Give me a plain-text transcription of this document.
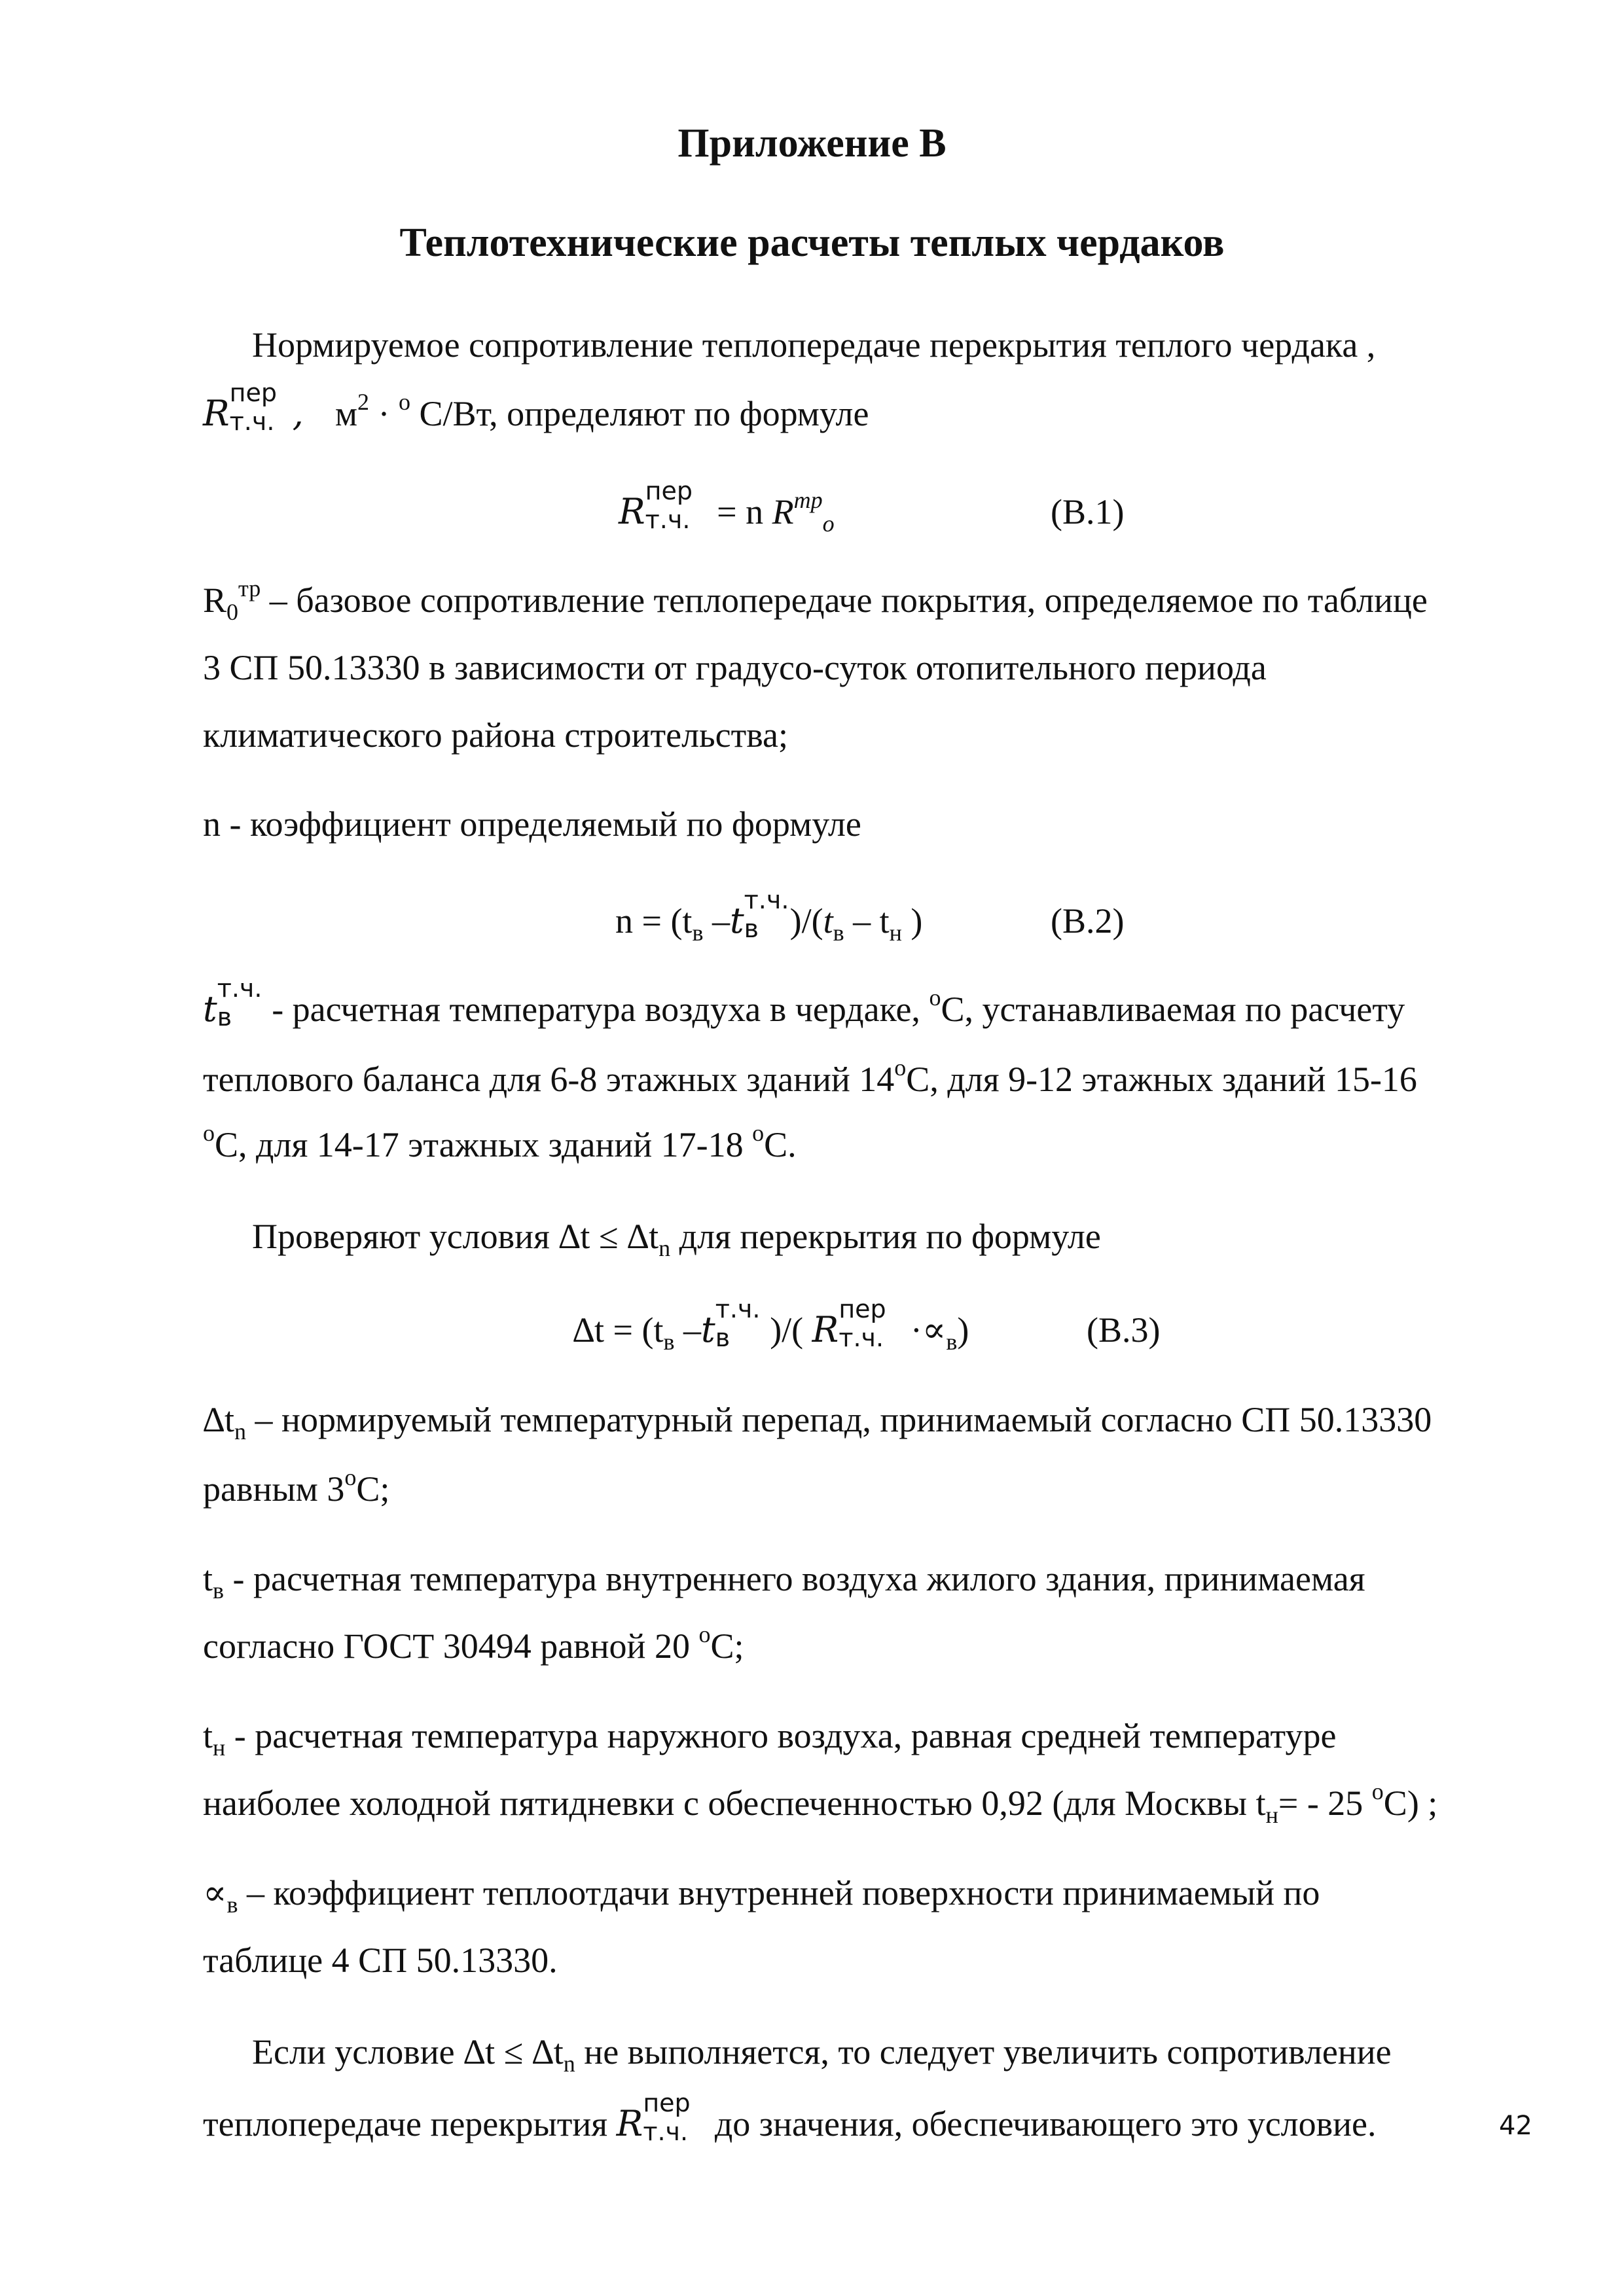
Приложение В
Теплотехнические расчеты теплых чердаков
Нормируемое сопротивление теплопередаче перекрытия теплого чердака ,
R пер
т.ч. , $м^2 \cdot ^о$ С/Вт, определяют по формуле
R пер
т.ч. = n $R^{тр}_o$	(В.1)
$R_0^{тр}$ – базовое сопротивление теплопередаче покрытия, определяемое по таблице
3 СП 50.13330 в зависимости от градусо-суток отопительного периода
климатического района строительства;
n - коэффициент определяемый по формуле
$n = (t_в$ –t т.ч.
в )$/(t_в - t_н$ )	(В.2)
t т.ч.
в - расчетная температура воздуха в чердаке, $^о$С, устанавливаемая по расчету
теплового баланса для 6-8 этажных зданий $14^оС$, для 9-12 этажных зданий 15-16
$^о$С, для 14-17 этажных зданий 17-18 $^о$С.
Проверяют условия $\Delta t \le \Delta t_n$ для перекрытия по формуле
$\Delta t = (t_в$ –t т.ч.
в )/( R пер
т.ч. $\cdot\propto_в$)	(В.3)
$\Delta t_n$ – нормируемый температурный перепад, принимаемый согласно СП 50.13330
равным $3^оС$;
$t_в$ - расчетная температура внутреннего воздуха жилого здания, принимаемая
согласно ГОСТ 30494 равной 20 $^о$С;
$t_н$ - расчетная температура наружного воздуха, равная средней температуре
наиболее холодной пятидневки с обеспеченностью 0,92 (для Москвы $t_н= - 25$ $^о$С) ;
$\propto_в$ – коэффициент теплоотдачи внутренней поверхности принимаемый по
таблице 4 СП 50.13330.
Если условие $\Delta t \le \Delta t_n$ не выполняется, то следует увеличить сопротивление
теплопередаче перекрытия R пер
т.ч. до значения, обеспечивающего это условие.	42
